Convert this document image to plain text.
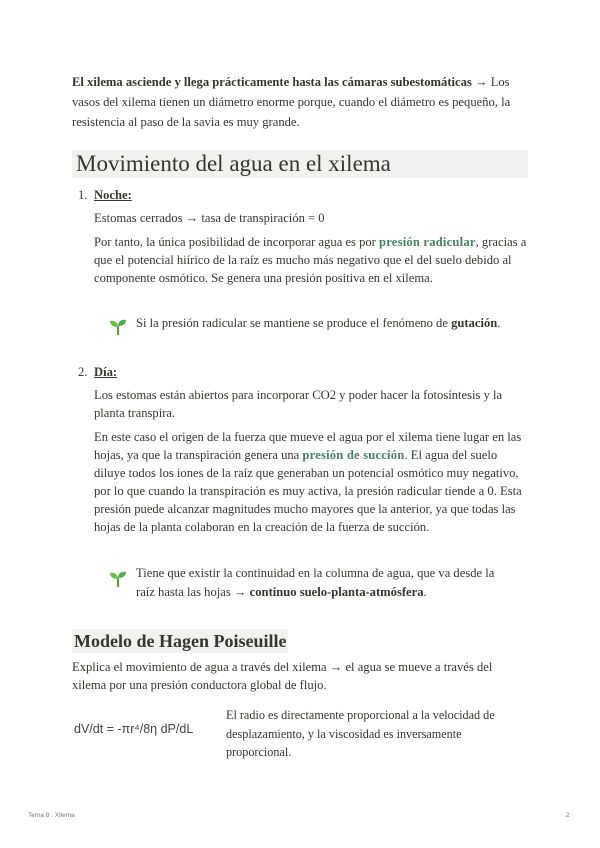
El xilema asciende y llega prácticamente hasta las cámaras subestomáticas → Los vasos del xilema tienen un diámetro enorme porque, cuando el diámetro es pequeño, la resistencia al paso de la savia es muy grande.

Movimiento del agua en el xilema
1. Noche:

Estomas cerrados → tasa de transpiración = 0

Por tanto, la única posibilidad de incorporar agua es por presión radicular, gracias a que el potencial hiírico de la raíz es mucho más negativo que el del suelo debido al componente osmótico. Se genera una presión positiva en el xilema.

Si la presión radicular se mantiene se produce el fenómeno de gutación.
2. Día:

Los estomas están abiertos para incorporar CO2 y poder hacer la fotosíntesis y la planta transpira.

En este caso el origen de la fuerza que mueve el agua por el xilema tiene lugar en las hojas, ya que la transpiración genera una presión de succión. El agua del suelo diluye todos los iones de la raíz que generaban un potencial osmótico muy negativo, por lo que cuando la transpiración es muy activa, la presión radicular tiende a 0. Esta presión puede alcanzar magnitudes mucho mayores que la anterior, ya que todas las hojas de la planta colaboran en la creación de la fuerza de succión.

Tiene que existir la continuidad en la columna de agua, que va desde la raíz hasta las hojas → continuo suelo-planta-atmósfera.
Modelo de Hagen Poiseuille

Explica el movimiento de agua a través del xilema → el agua se mueve a través del xilema por una presión conductora global de flujo.

dV/dt = -πr⁴/8η dP/dL

El radio es directamente proporcional a la velocidad de desplazamiento, y la viscosidad es inversamente proporcional.

Tema 8 . Xilema	2
